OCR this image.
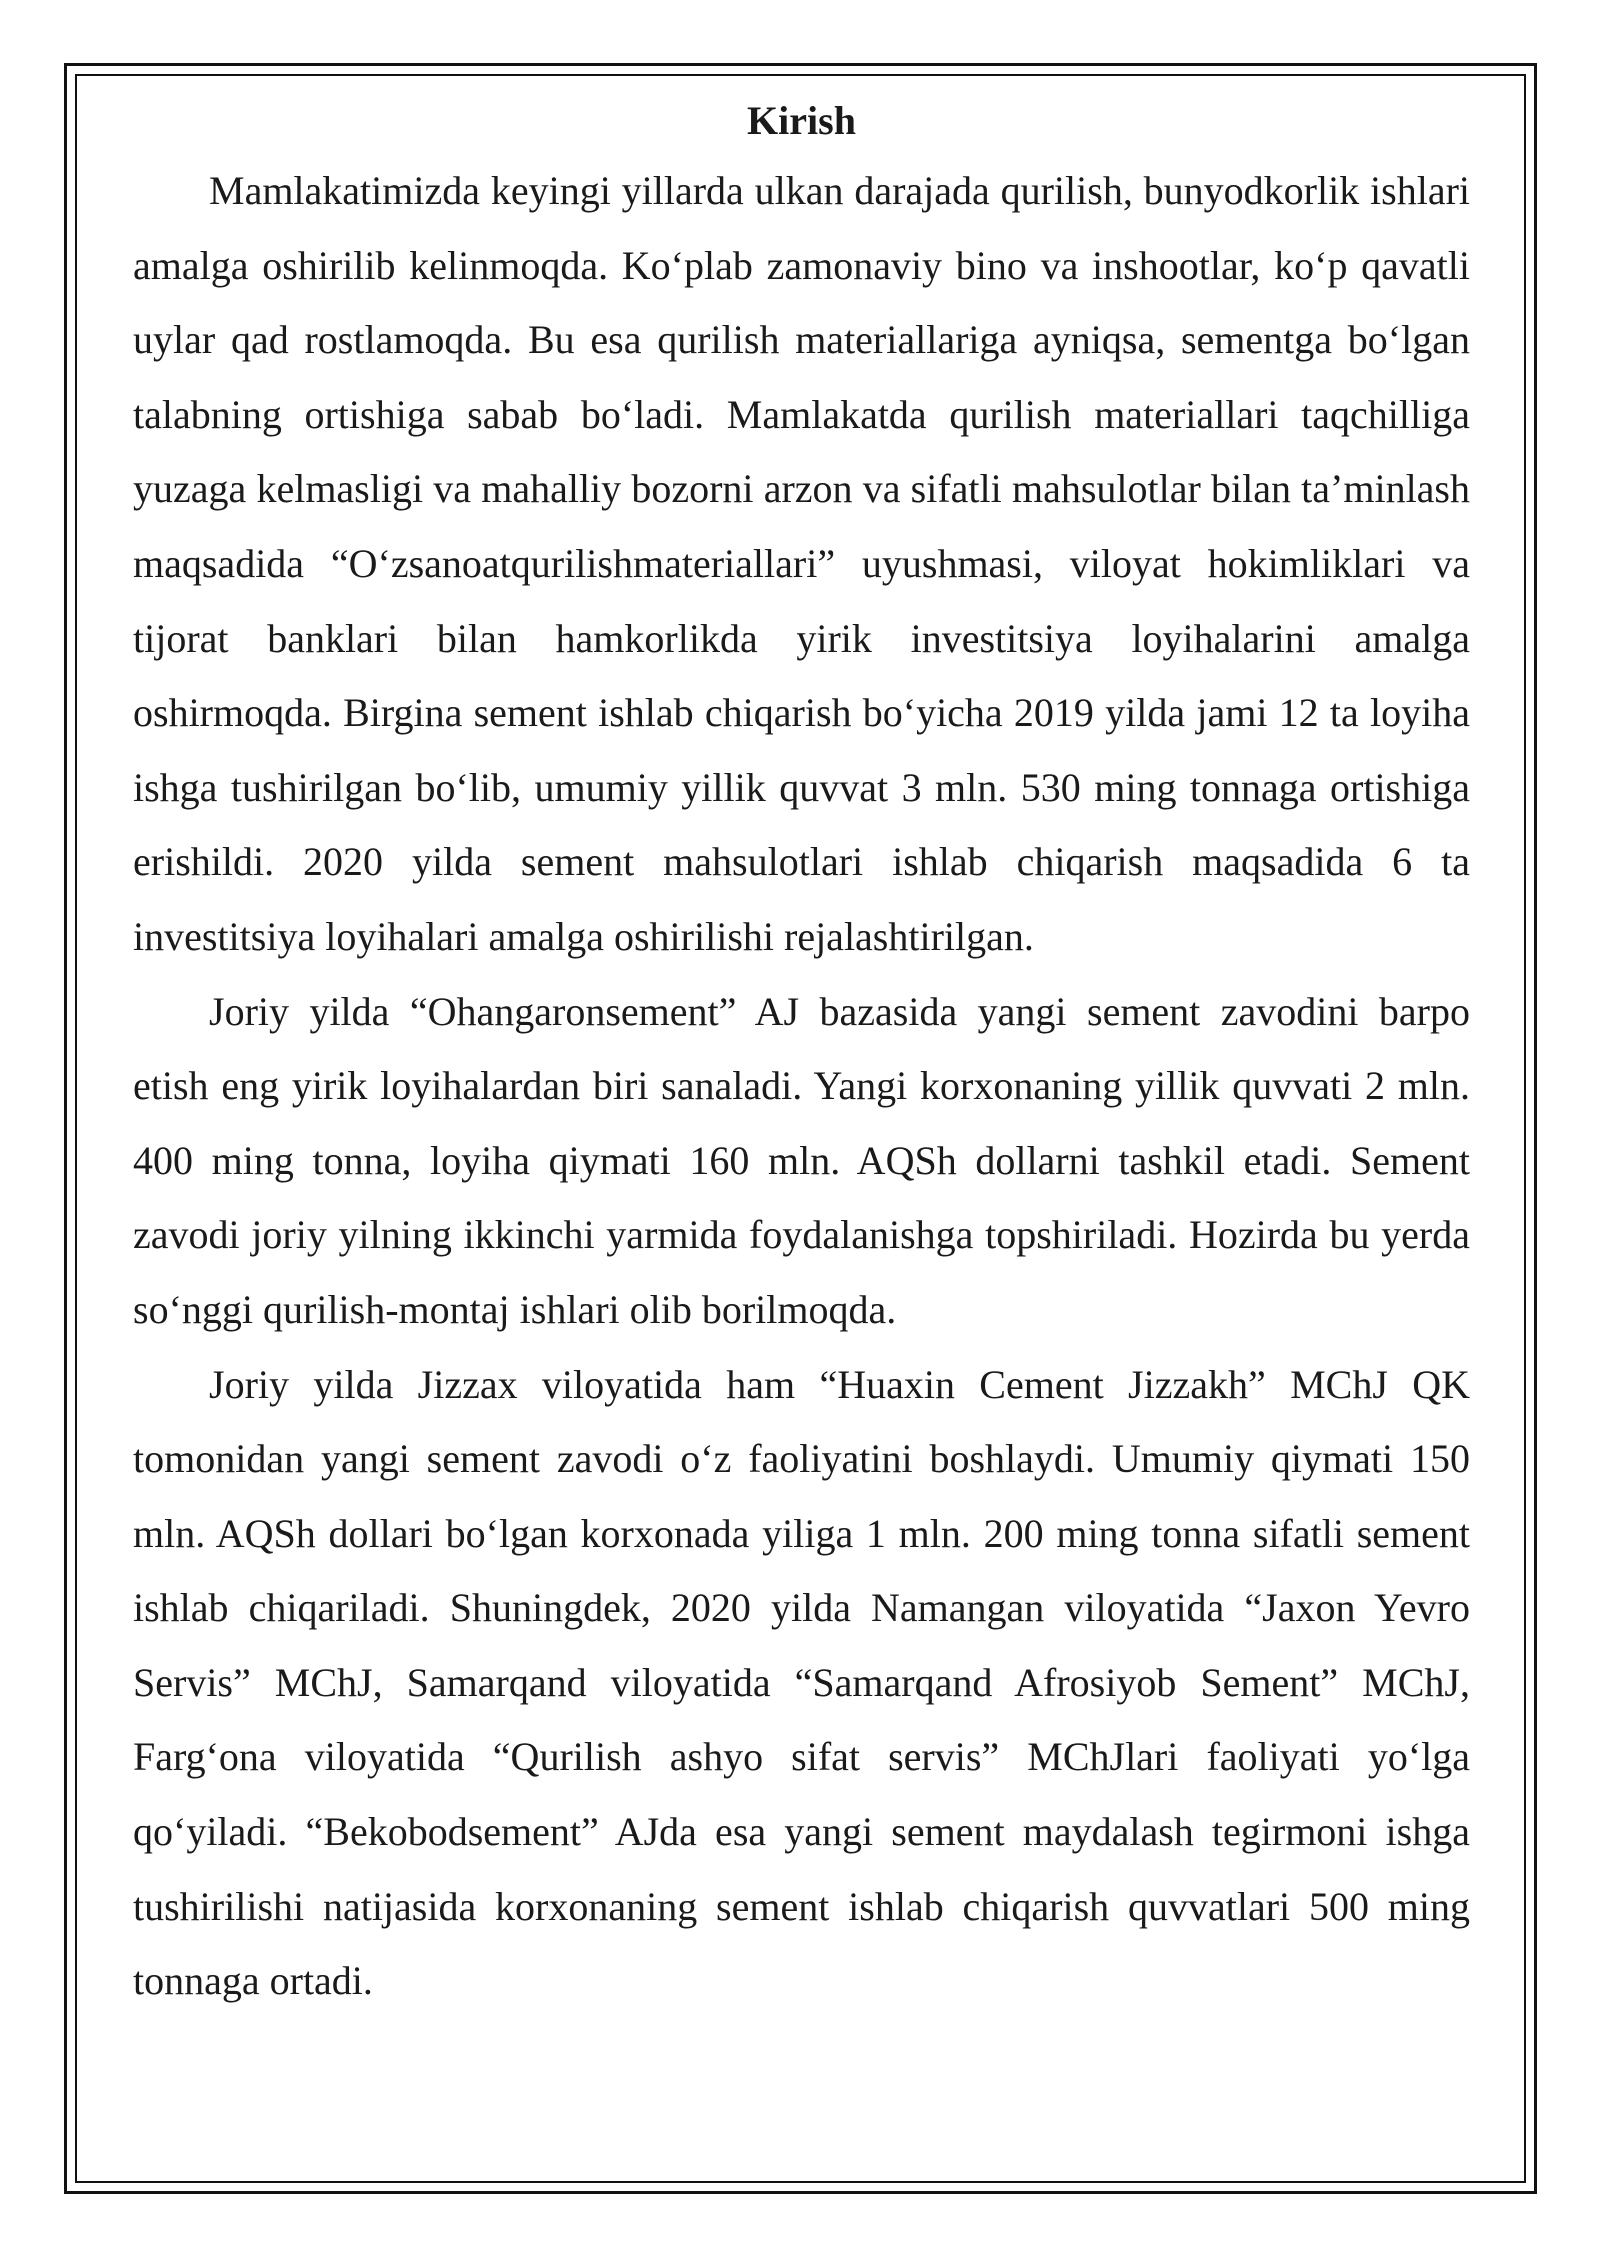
Kirish

Mamlakatimizda keyingi yillarda ulkan darajada qurilish, bunyodkorlik ishlari amalga oshirilib kelinmoqda. Ko‘plab zamonaviy bino va inshootlar, ko‘p qavatli uylar qad rostlamoqda. Bu esa qurilish materiallariga ayniqsa, sementga bo‘lgan talabning ortishiga sabab bo‘ladi. Mamlakatda qurilish materiallari taqchilliga yuzaga kelmasligi va mahalliy bozorni arzon va sifatli mahsulotlar bilan ta’minlash maqsadida “O‘zsanoatqurilishmateriallari” uyushmasi, viloyat hokimliklari va tijorat banklari bilan hamkorlikda yirik investitsiya loyihalarini amalga oshirmoqda. Birgina sement ishlab chiqarish bo‘yicha 2019 yilda jami 12 ta loyiha ishga tushirilgan bo‘lib, umumiy yillik quvvat 3 mln. 530 ming tonnaga ortishiga erishildi. 2020 yilda sement mahsulotlari ishlab chiqarish maqsadida 6 ta investitsiya loyihalari amalga oshirilishi rejalashtirilgan.

Joriy yilda “Ohangaronsement” AJ bazasida yangi sement zavodini barpo etish eng yirik loyihalardan biri sanaladi. Yangi korxonaning yillik quvvati 2 mln. 400 ming tonna, loyiha qiymati 160 mln. AQSh dollarni tashkil etadi. Sement zavodi joriy yilning ikkinchi yarmida foydalanishga topshiriladi. Hozirda bu yerda so‘nggi qurilish-montaj ishlari olib borilmoqda.

Joriy yilda Jizzax viloyatida ham “Huaxin Cement Jizzakh” MChJ QK tomonidan yangi sement zavodi o‘z faoliyatini boshlaydi. Umumiy qiymati 150 mln. AQSh dollari bo‘lgan korxonada yiliga 1 mln. 200 ming tonna sifatli sement ishlab chiqariladi. Shuningdek, 2020 yilda Namangan viloyatida “Jaxon Yevro Servis” MChJ, Samarqand viloyatida “Samarqand Afrosiyob Sement” MChJ, Farg‘ona viloyatida “Qurilish ashyo sifat servis” MChJlari faoliyati yo‘lga qo‘yiladi. “Bekobodsement” AJda esa yangi sement maydalash tegirmoni ishga tushirilishi natijasida korxonaning sement ishlab chiqarish quvvatlari 500 ming tonnaga ortadi.
